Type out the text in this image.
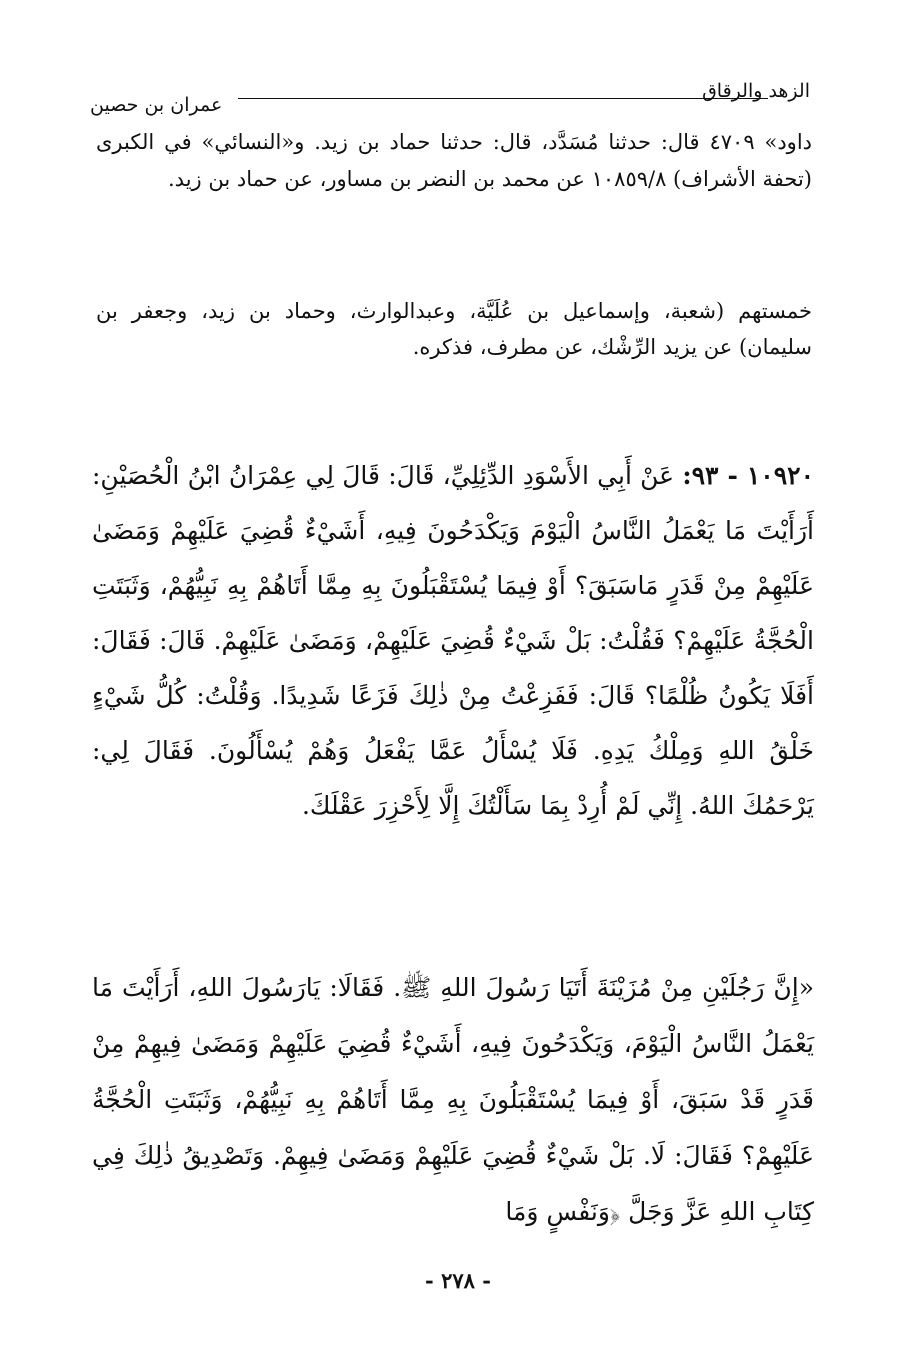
الزهد والرقاق
عمران بن حصين

داود» ٤٧٠٩ قال: حدثنا مُسَدَّد، قال: حدثنا حماد بن زيد. و«النسائي» في الكبرى (تحفة الأشراف) ١٠٨٥٩/٨ عن محمد بن النضر بن مساور، عن حماد بن زيد.

خمستهم (شعبة، وإسماعيل بن عُلَيَّة، وعبدالوارث، وحماد بن زيد، وجعفر بن سليمان) عن يزيد الرِّشْك، عن مطرف، فذكره.

١٠٩٢٠ - ٩٣: عَنْ أَبِي الأَسْوَدِ الدِّئِلِيِّ، قَالَ: قَالَ لِي عِمْرَانُ ابْنُ الْحُصَيْنِ: أَرَأَيْتَ مَا يَعْمَلُ النَّاسُ الْيَوْمَ وَيَكْدَحُونَ فِيهِ، أَشَيْءٌ قُضِيَ عَلَيْهِمْ وَمَضَىٰ عَلَيْهِمْ مِنْ قَدَرٍ مَاسَبَقَ؟ أَوْ فِيمَا يُسْتَقْبَلُونَ بِهِ مِمَّا أَتَاهُمْ بِهِ نَبِيُّهُمْ، وَثَبَتَتِ الْحُجَّةُ عَلَيْهِمْ؟ فَقُلْتُ: بَلْ شَيْءٌ قُضِيَ عَلَيْهِمْ، وَمَضَىٰ عَلَيْهِمْ. قَالَ: فَقَالَ: أَفَلَا يَكُونُ ظُلْمًا؟ قَالَ: فَفَزِعْتُ مِنْ ذٰلِكَ فَزَعًا شَدِيدًا. وَقُلْتُ: كُلُّ شَيْءٍ خَلْقُ اللهِ وَمِلْكُ يَدِهِ. فَلَا يُسْأَلُ عَمَّا يَفْعَلُ وَهُمْ يُسْأَلُونَ. فَقَالَ لِي: يَرْحَمُكَ اللهُ. إِنِّي لَمْ أُرِدْ بِمَا سَأَلْتُكَ إِلَّا لِأَحْزِرَ عَقْلَكَ.

«إِنَّ رَجُلَيْنِ مِنْ مُزَيْنَةَ أَتَيَا رَسُولَ اللهِ ﷺ. فَقَالَا: يَارَسُولَ اللهِ، أَرَأَيْتَ مَا يَعْمَلُ النَّاسُ الْيَوْمَ، وَيَكْدَحُونَ فِيهِ، أَشَيْءٌ قُضِيَ عَلَيْهِمْ وَمَضَىٰ فِيهِمْ مِنْ قَدَرٍ قَدْ سَبَقَ، أَوْ فِيمَا يُسْتَقْبَلُونَ بِهِ مِمَّا أَتَاهُمْ بِهِ نَبِيُّهُمْ، وَثَبَتَتِ الْحُجَّةُ عَلَيْهِمْ؟ فَقَالَ: لَا. بَلْ شَيْءٌ قُضِيَ عَلَيْهِمْ وَمَضَىٰ فِيهِمْ. وَتَصْدِيقُ ذٰلِكَ فِي كِتَابِ اللهِ عَزَّ وَجَلَّ ﴿وَنَفْسٍ وَمَا

- ٢٧٨ -
